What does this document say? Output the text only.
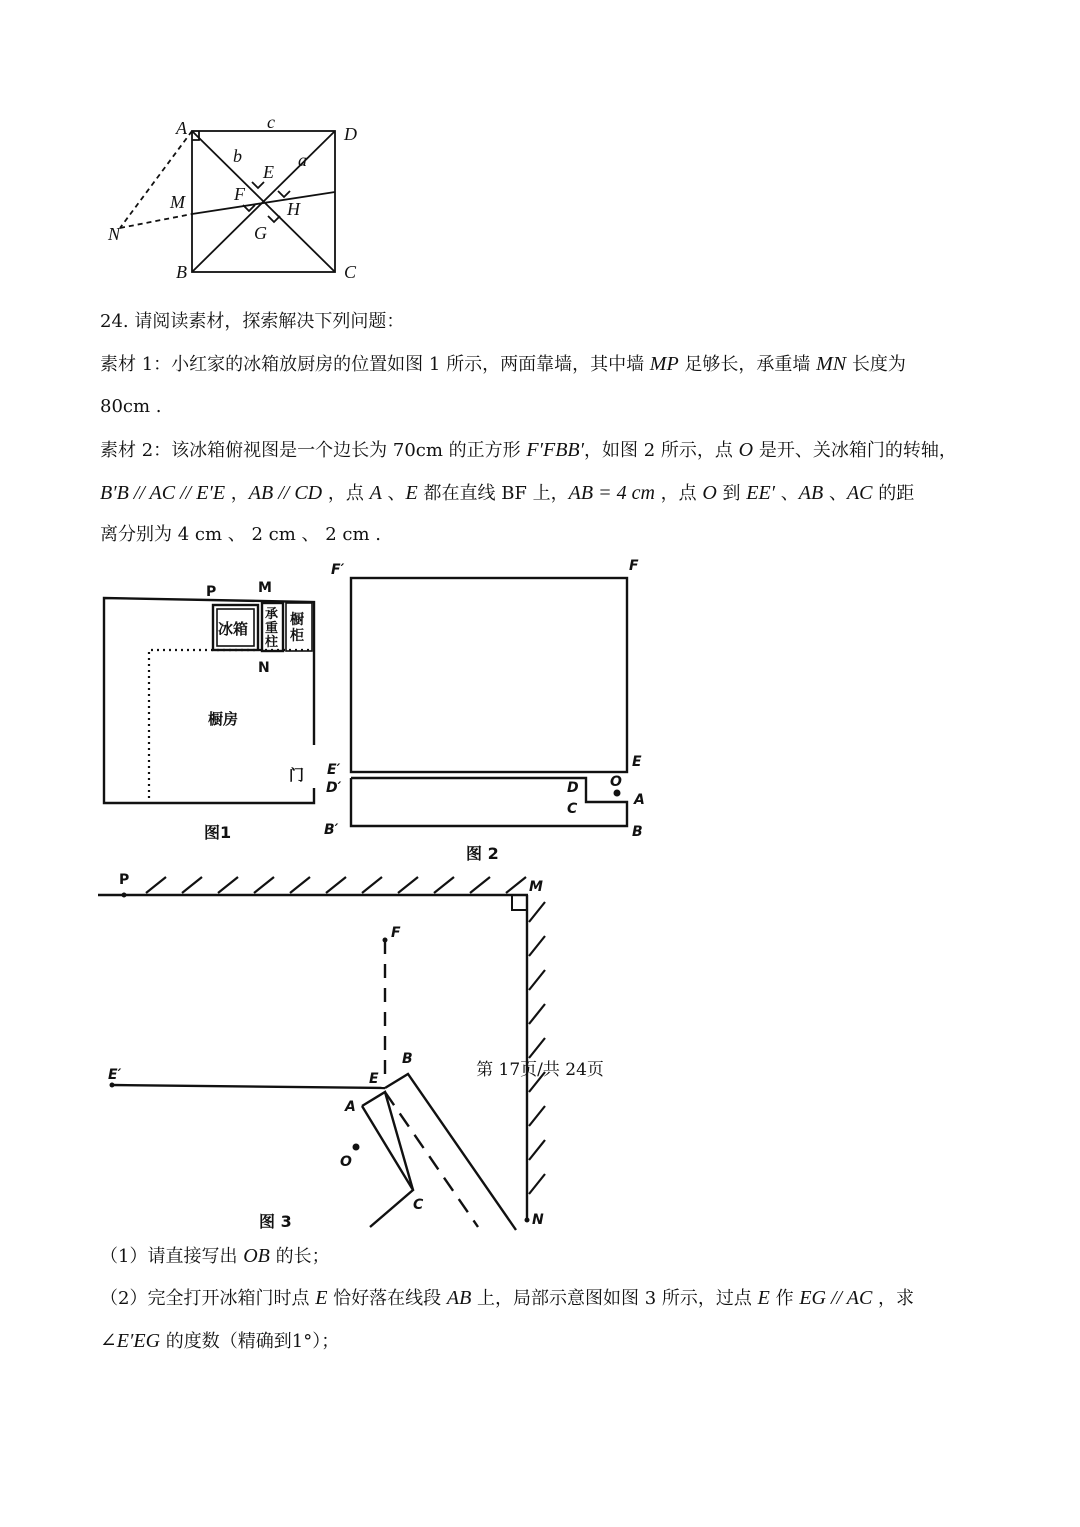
A	c
D
b	a
E
F
H
M
G
N
B	C
24. 请阅读素材，探索解决下列问题：
素材 1：小红家的冰箱放厨房的位置如图 1 所示，两面靠墙，其中墙 MP 足够长，承重墙 MN 长度为
80cm .
素材 2：该冰箱俯视图是一个边长为 70cm 的正方形 F′FBB′，如图 2 所示，点 O 是开、关冰箱门的转轴，
B′B // AC // E′E ，AB // CD ，点 A 、E 都在直线 BF 上，AB = 4 cm ，点 O 到 EE′ 、AB 、AC 的距
离分别为 4 cm 、 2 cm 、 2 cm .
P	M
N
冰箱
承
重
柱
橱
柜
橱房
门
图1
F′	F
E′	E
D′	D O
A
C
B′	B
图 2
P	M
F
E′	E
B
A
O
C
N
图 3
（1）请直接写出 OB 的长；
（2）完全打开冰箱门时点 E 恰好落在线段 AB 上，局部示意图如图 3 所示，过点 E 作 EG // AC ，求
∠E′EG 的度数（精确到1°）；
第 17页/共 24页
